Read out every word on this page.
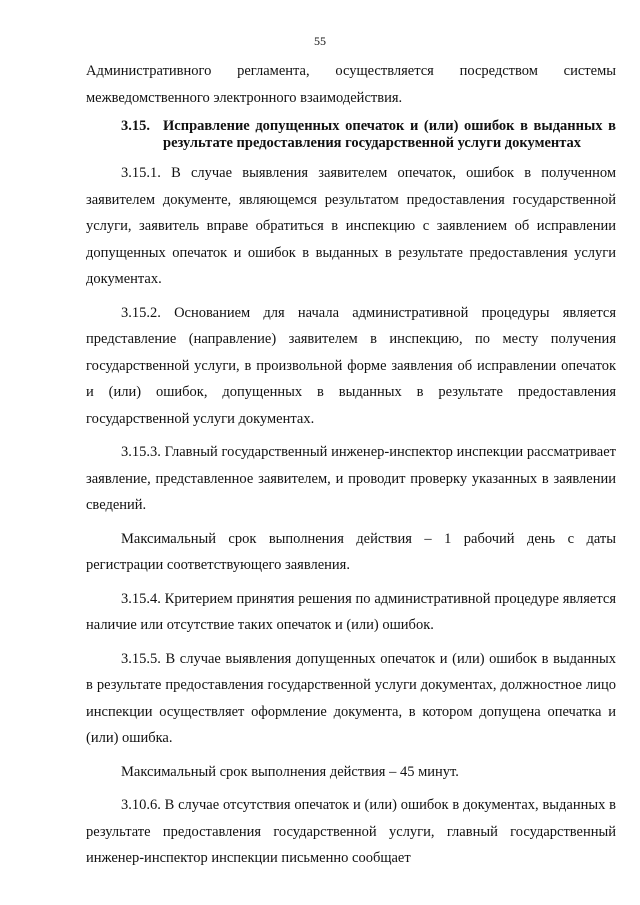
55

Административного регламента, осуществляется посредством системы межведомственного электронного взаимодействия.

3.15. Исправление допущенных опечаток и (или) ошибок в выданных в результате предоставления государственной услуги документах

3.15.1. В случае выявления заявителем опечаток, ошибок в полученном заявителем документе, являющемся результатом предоставления государственной услуги, заявитель вправе обратиться в инспекцию с заявлением об исправлении допущенных опечаток и ошибок в выданных в результате предоставления услуги документах.

3.15.2. Основанием для начала административной процедуры является представление (направление) заявителем в инспекцию, по месту получения государственной услуги, в произвольной форме заявления об исправлении опечаток и (или) ошибок, допущенных в выданных в результате предоставления государственной услуги документах.

3.15.3. Главный государственный инженер-инспектор инспекции рассматривает заявление, представленное заявителем, и проводит проверку указанных в заявлении сведений.

Максимальный срок выполнения действия – 1 рабочий день с даты регистрации соответствующего заявления.

3.15.4. Критерием принятия решения по административной процедуре является наличие или отсутствие таких опечаток и (или) ошибок.

3.15.5. В случае выявления допущенных опечаток и (или) ошибок в выданных в результате предоставления государственной услуги документах, должностное лицо инспекции осуществляет оформление документа, в котором допущена опечатка и (или) ошибка.

Максимальный срок выполнения действия – 45 минут.

3.10.6. В случае отсутствия опечаток и (или) ошибок в документах, выданных в результате предоставления государственной услуги, главный государственный инженер-инспектор инспекции письменно сообщает
